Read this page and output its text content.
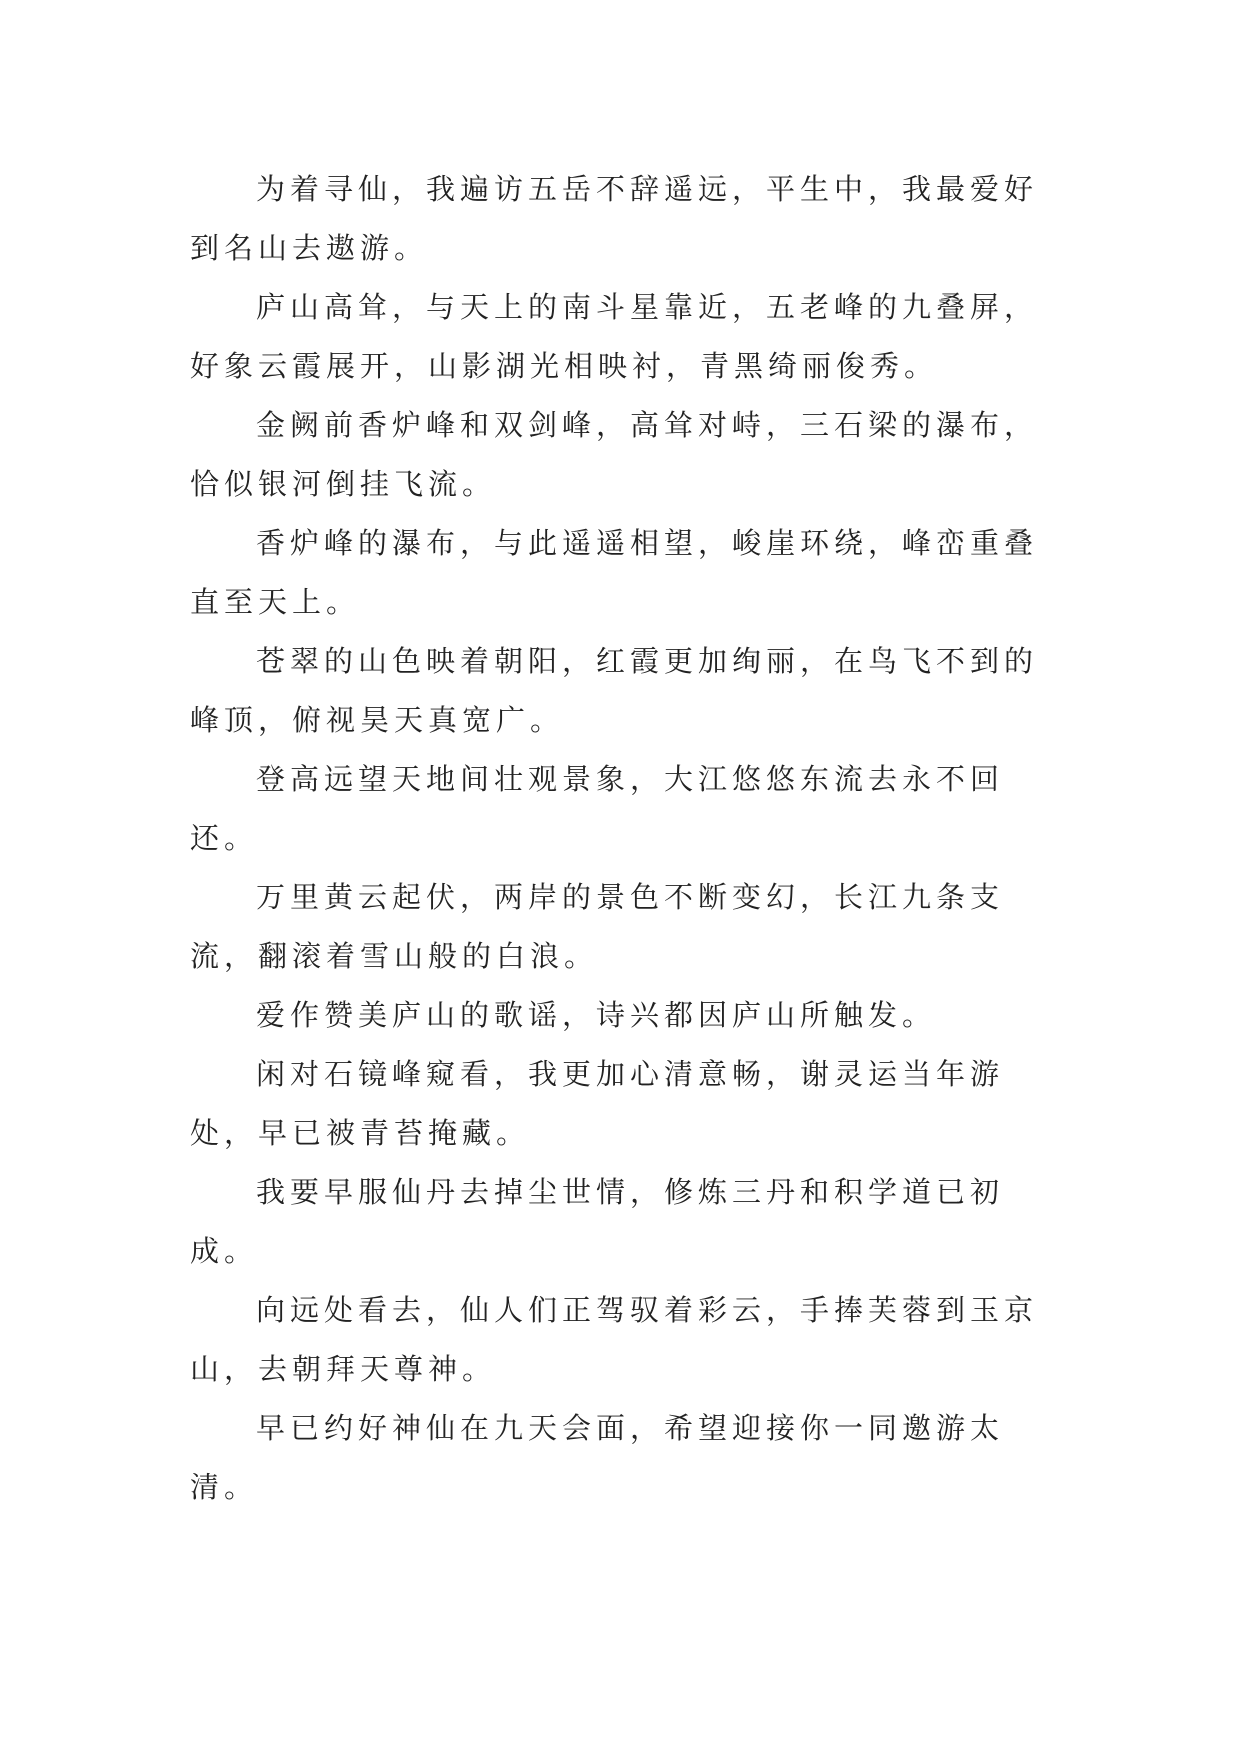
为着寻仙，我遍访五岳不辞遥远，平生中，我最爱好到名山去遨游。

庐山高耸，与天上的南斗星靠近，五老峰的九叠屏，好象云霞展开，山影湖光相映衬，青黑绮丽俊秀。

金阙前香炉峰和双剑峰，高耸对峙，三石梁的瀑布，恰似银河倒挂飞流。

香炉峰的瀑布，与此遥遥相望，峻崖环绕，峰峦重叠直至天上。

苍翠的山色映着朝阳，红霞更加绚丽，在鸟飞不到的峰顶，俯视昊天真宽广。

登高远望天地间壮观景象，大江悠悠东流去永不回还。

万里黄云起伏，两岸的景色不断变幻，长江九条支流，翻滚着雪山般的白浪。

爱作赞美庐山的歌谣，诗兴都因庐山所触发。

闲对石镜峰窥看，我更加心清意畅，谢灵运当年游处，早已被青苔掩藏。

我要早服仙丹去掉尘世情，修炼三丹和积学道已初成。

向远处看去，仙人们正驾驭着彩云，手捧芙蓉到玉京山，去朝拜天尊神。

早已约好神仙在九天会面，希望迎接你一同邀游太清。
